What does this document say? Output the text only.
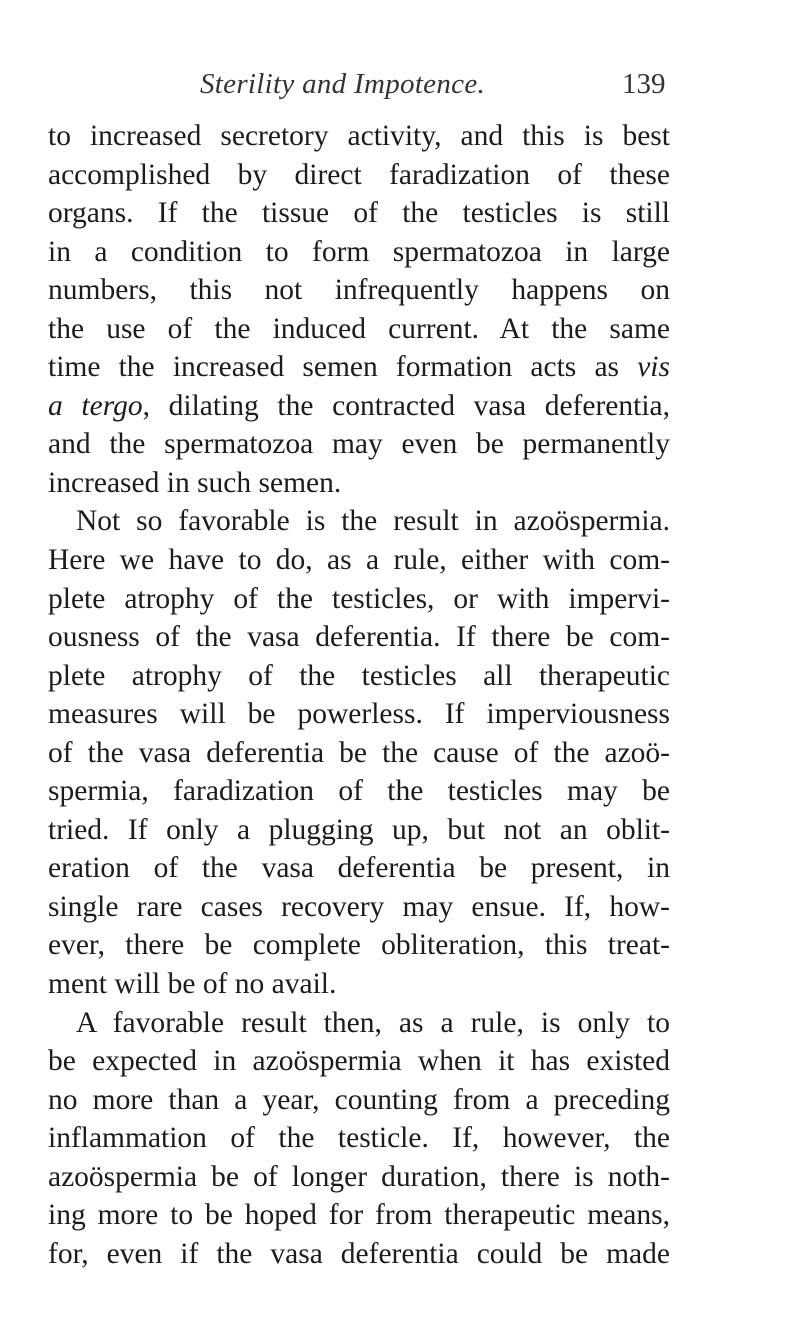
Sterility and Impotence.	139
to increased secretory activity, and this is best
accomplished by direct faradization of these
organs. If the tissue of the testicles is still
in a condition to form spermatozoa in large
numbers, this not infrequently happens on
the use of the induced current. At the same
time the increased semen formation acts as vis
a tergo, dilating the contracted vasa deferentia,
and the spermatozoa may even be permanently
increased in such semen.
Not so favorable is the result in azoöspermia.
Here we have to do, as a rule, either with com-
plete atrophy of the testicles, or with impervi-
ousness of the vasa deferentia. If there be com-
plete atrophy of the testicles all therapeutic
measures will be powerless. If imperviousness
of the vasa deferentia be the cause of the azoö-
spermia, faradization of the testicles may be
tried. If only a plugging up, but not an oblit-
eration of the vasa deferentia be present, in
single rare cases recovery may ensue. If, how-
ever, there be complete obliteration, this treat-
ment will be of no avail.
A favorable result then, as a rule, is only to
be expected in azoöspermia when it has existed
no more than a year, counting from a preceding
inflammation of the testicle. If, however, the
azoöspermia be of longer duration, there is noth-
ing more to be hoped for from therapeutic means,
for, even if the vasa deferentia could be made
